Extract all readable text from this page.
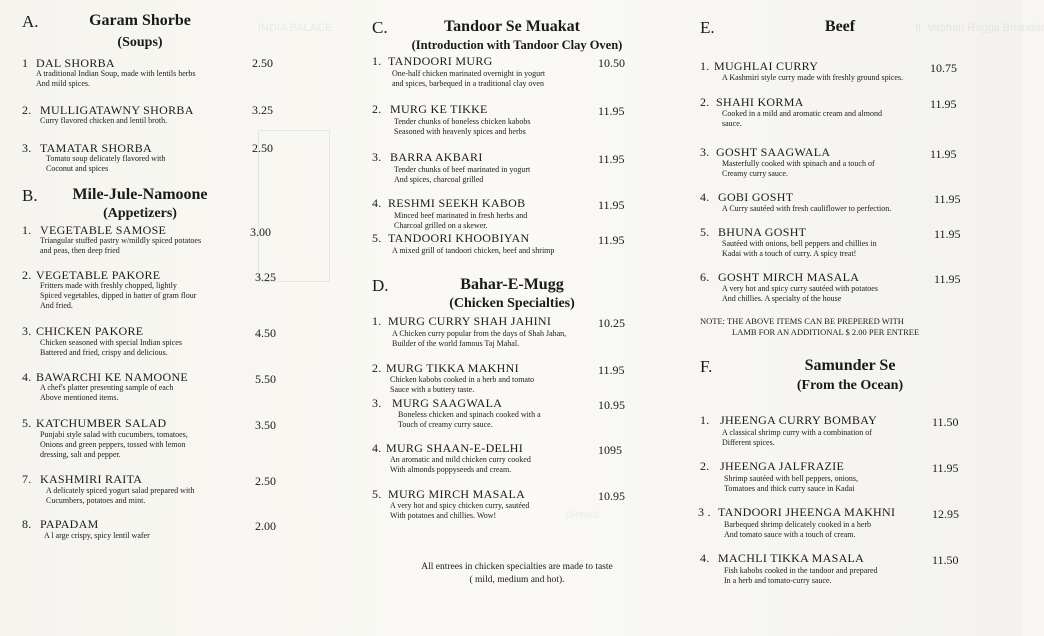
INDIA PALACE	II. Vabhan Ragga Bhandar
DRINKS
A.	Garam Shorbe
(Soups)
1 DAL SHORBA	2.50
A traditional Indian Soup, made with lentils herbs
And mild spices.
2. MULLIGATAWNY SHORBA	3.25
Curry flavored chicken and lentil broth.
3. TAMATAR SHORBA	2.50
Tomato soup delicately flavored with
Coconut and spices
B.	Mile-Jule-Namoone
(Appetizers)
1. VEGETABLE SAMOSE	3.00
Triangular stuffed pastry w/mildly spiced potatoes
and peas, then deep fried
2. VEGETABLE PAKORE	3.25
Fritters made with freshly chopped, lightly
Spiced vegetables, dipped in batter of gram flour
And fried.
3. CHICKEN PAKORE	4.50
Chicken seasoned with special Indian spices
Battered and fried, crispy and delicious.
4. BAWARCHI KE NAMOONE	5.50
A chef's platter presenting sample of each
Above mentioned items.
5. KATCHUMBER SALAD	3.50
Punjabi style salad with cucumbers, tomatoes,
Onions and green peppers, tossed with lemon
dressing, salt and pepper.
7. KASHMIRI RAITA	2.50
A delicately spiced yogurt salad prepared with
Cucumbers, potatoes and mint.
8. PAPADAM	2.00
A l arge crispy, spicy lentil wafer
C.	Tandoor Se Muakat
(Introduction with Tandoor Clay Oven)
1. TANDOORI MURG	10.50
One-half chicken marinated overnight in yogurt
and spices, barbequed in a traditional clay oven
2. MURG KE TIKKE	11.95
Tender chunks of boneless chicken kabobs
Seasoned with heavenly spices and herbs
3. BARRA AKBARI	11.95
Tender chunks of beef marinated in yogurt
And spices, charcoal grilled
4. RESHMI SEEKH KABOB	11.95
Minced beef marinated in fresh herbs and
Charcoal grilled on a skewer.
5. TANDOORI KHOOBIYAN	11.95
A mixed grill of tandoori chicken, beef and shrimp
D.	Bahar-E-Mugg
(Chicken Specialties)
1. MURG CURRY SHAH JAHINI	10.25
A Chicken curry popular from the days of Shah Jahan,
Builder of the world famous Taj Mahal.
2. MURG TIKKA MAKHNI	11.95
Chicken kabobs cooked in a herb and tomato
Sauce with a buttery taste.
3. MURG SAAGWALA	10.95
Boneless chicken and spinach cooked with a
Touch of creamy curry sauce.
4. MURG SHAAN-E-DELHI	1095
An aromatic and mild chicken curry cooked
With almonds poppyseeds and cream.
5. MURG MIRCH MASALA	10.95
A very hot and spicy chicken curry, sautéed
With potatoes and chillies. Wow!
All entrees in chicken specialties are made to taste
( mild, medium and hot).
E.	Beef
1. MUGHLAI CURRY	10.75
A Kashmiri style curry made with freshly ground spices.
2. SHAHI KORMA	11.95
Cooked in a mild and aromatic cream and almond
sauce.
3. GOSHT SAAGWALA	11.95
Masterfully cooked with spinach and a touch of
Creamy curry sauce.
4. GOBI GOSHT	11.95
A Curry sautéed with fresh cauliflower to perfection.
5. BHUNA GOSHT	11.95
Sautéed with onions, bell peppers and chillies in
Kadai with a touch of curry. A spicy treat!
6. GOSHT MIRCH MASALA	11.95
A very hot and spicy curry sautéed with potatoes
And chillies. A specialty of the house
NOTE: THE ABOVE ITEMS CAN BE PREPERED WITH
LAMB FOR AN ADDITIONAL $ 2.00 PER ENTREE
F.	Samunder Se
(From the Ocean)
1. JHEENGA CURRY BOMBAY	11.50
A classical shrimp curry with a combination of
Different spices.
2. JHEENGA JALFRAZIE	11.95
Shrimp sautéed with bell peppers, onions,
Tomatoes and thick curry sauce in Kadai
3 . TANDOORI JHEENGA MAKHNI	12.95
Barbequed shrimp delicately cooked in a herb
And tomato sauce with a touch of cream.
4. MACHLI TIKKA MASALA	11.50
Fish kabobs cooked in the tandoor and prepared
In a herb and tomato-curry sauce.
